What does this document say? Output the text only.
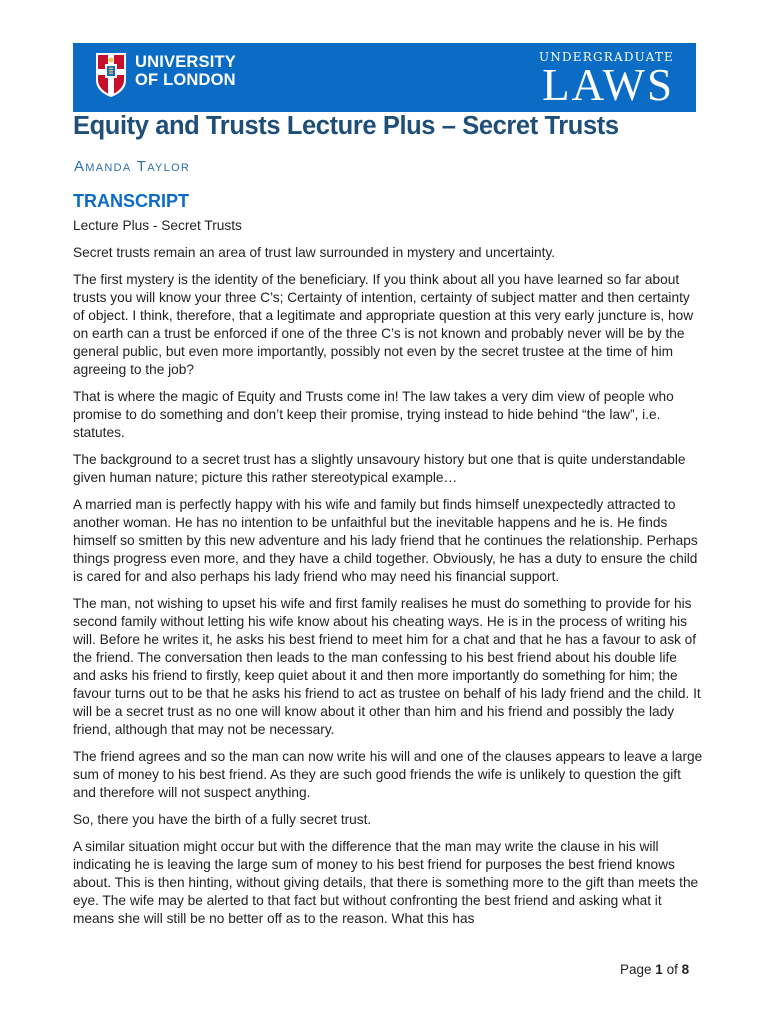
UNIVERSITY
OF LONDON
UNDERGRADUATE
LAWS
Equity and Trusts Lecture Plus – Secret Trusts
Amanda Taylor
TRANSCRIPT

Lecture Plus - Secret Trusts

Secret trusts remain an area of trust law surrounded in mystery and uncertainty.

The first mystery is the identity of the beneficiary. If you think about all you have learned so far about trusts you will know your three C’s; Certainty of intention, certainty of subject matter and then certainty of object. I think, therefore, that a legitimate and appropriate question at this very early juncture is, how on earth can a trust be enforced if one of the three C’s is not known and probably never will be by the general public, but even more importantly, possibly not even by the secret trustee at the time of him agreeing to the job?

That is where the magic of Equity and Trusts come in! The law takes a very dim view of people who promise to do something and don’t keep their promise, trying instead to hide behind “the law”, i.e. statutes.

The background to a secret trust has a slightly unsavoury history but one that is quite understandable given human nature; picture this rather stereotypical example…

A married man is perfectly happy with his wife and family but finds himself unexpectedly attracted to another woman. He has no intention to be unfaithful but the inevitable happens and he is. He finds himself so smitten by this new adventure and his lady friend that he continues the relationship. Perhaps things progress even more, and they have a child together. Obviously, he has a duty to ensure the child is cared for and also perhaps his lady friend who may need his financial support.

The man, not wishing to upset his wife and first family realises he must do something to provide for his second family without letting his wife know about his cheating ways. He is in the process of writing his will. Before he writes it, he asks his best friend to meet him for a chat and that he has a favour to ask of the friend. The conversation then leads to the man confessing to his best friend about his double life and asks his friend to firstly, keep quiet about it and then more importantly do something for him; the favour turns out to be that he asks his friend to act as trustee on behalf of his lady friend and the child. It will be a secret trust as no one will know about it other than him and his friend and possibly the lady friend, although that may not be necessary.

The friend agrees and so the man can now write his will and one of the clauses appears to leave a large sum of money to his best friend. As they are such good friends the wife is unlikely to question the gift and therefore will not suspect anything.

So, there you have the birth of a fully secret trust.

A similar situation might occur but with the difference that the man may write the clause in his will indicating he is leaving the large sum of money to his best friend for purposes the best friend knows about. This is then hinting, without giving details, that there is something more to the gift than meets the eye. The wife may be alerted to that fact but without confronting the best friend and asking what it means she will still be no better off as to the reason. What this has

Page 1 of 8
